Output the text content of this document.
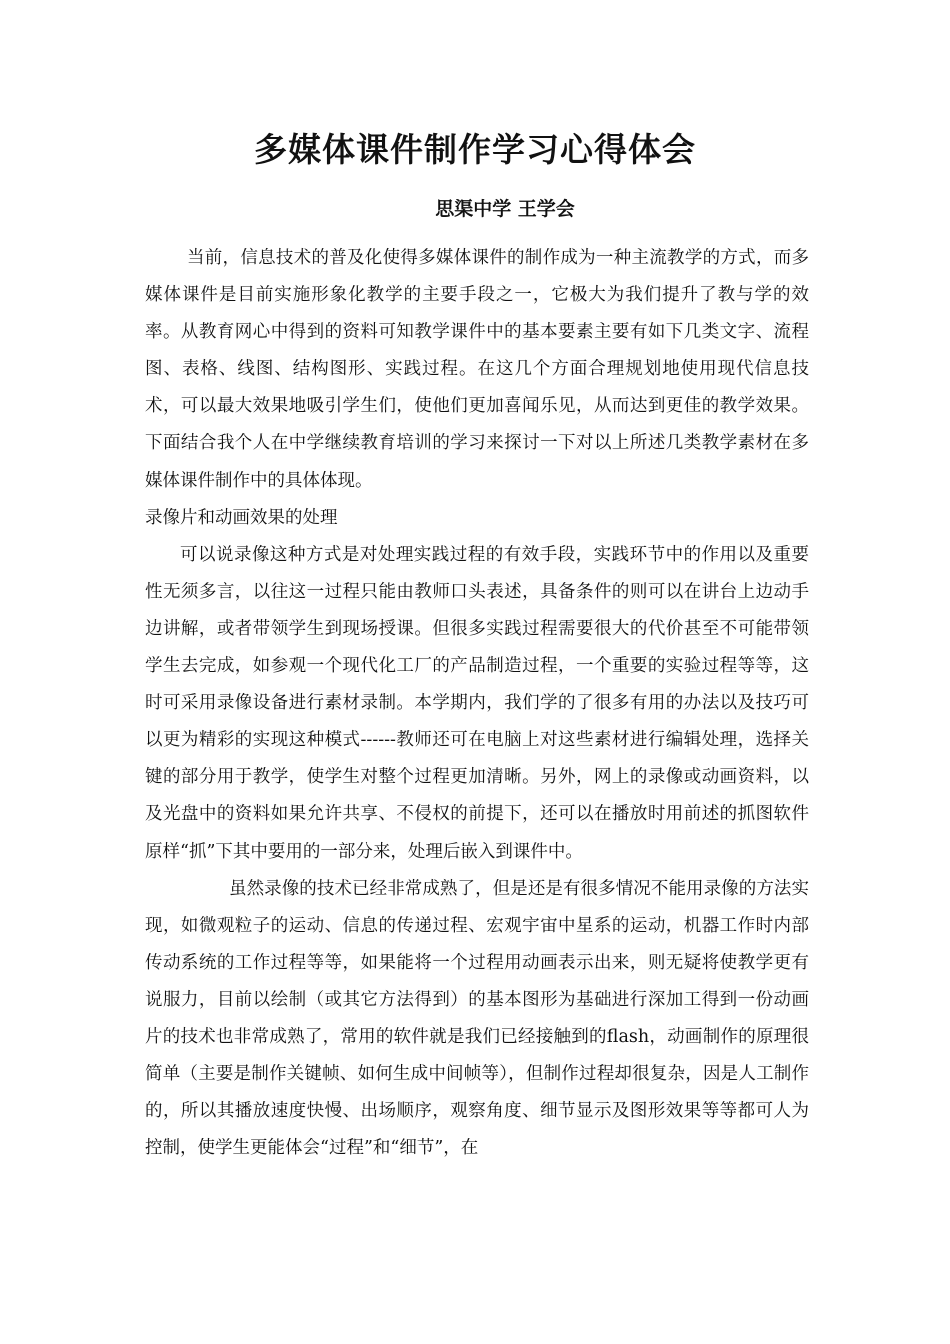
多媒体课件制作学习心得体会
思渠中学 王学会

当前，信息技术的普及化使得多媒体课件的制作成为一种主流教学的方式，而多媒体课件是目前实施形象化教学的主要手段之一，它极大为我们提升了教与学的效率。从教育网心中得到的资料可知教学课件中的基本要素主要有如下几类文字、流程图、表格、线图、结构图形、实践过程。在这几个方面合理规划地使用现代信息技术，可以最大效果地吸引学生们，使他们更加喜闻乐见，从而达到更佳的教学效果。下面结合我个人在中学继续教育培训的学习来探讨一下对以上所述几类教学素材在多媒体课件制作中的具体体现。

录像片和动画效果的处理

可以说录像这种方式是对处理实践过程的有效手段，实践环节中的作用以及重要性无须多言，以往这一过程只能由教师口头表述，具备条件的则可以在讲台上边动手边讲解，或者带领学生到现场授课。但很多实践过程需要很大的代价甚至不可能带领学生去完成，如参观一个现代化工厂的产品制造过程，一个重要的实验过程等等，这时可采用录像设备进行素材录制。本学期内，我们学的了很多有用的办法以及技巧可以更为精彩的实现这种模式------教师还可在电脑上对这些素材进行编辑处理，选择关键的部分用于教学，使学生对整个过程更加清晰。另外，网上的录像或动画资料，以及光盘中的资料如果允许共享、不侵权的前提下，还可以在播放时用前述的抓图软件原样“抓”下其中要用的一部分来，处理后嵌入到课件中。

虽然录像的技术已经非常成熟了，但是还是有很多情况不能用录像的方法实现，如微观粒子的运动、信息的传递过程、宏观宇宙中星系的运动，机器工作时内部传动系统的工作过程等等，如果能将一个过程用动画表示出来，则无疑将使教学更有说服力，目前以绘制（或其它方法得到）的基本图形为基础进行深加工得到一份动画片的技术也非常成熟了，常用的软件就是我们已经接触到的flash，动画制作的原理很简单（主要是制作关键帧、如何生成中间帧等），但制作过程却很复杂，因是人工制作的，所以其播放速度快慢、出场顺序，观察角度、细节显示及图形效果等等都可人为控制，使学生更能体会“过程”和“细节”，在
